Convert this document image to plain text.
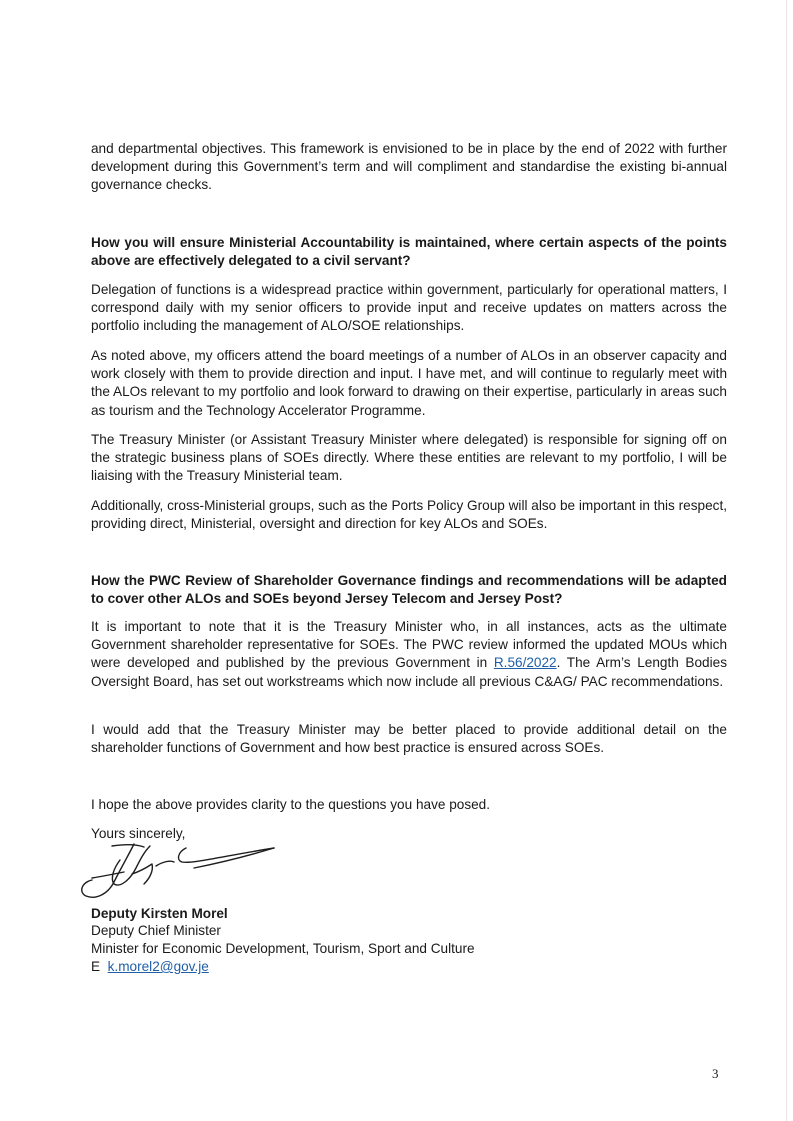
and departmental objectives. This framework is envisioned to be in place by the end of 2022 with further development during this Government’s term and will compliment and standardise the existing bi-annual governance checks.

How you will ensure Ministerial Accountability is maintained, where certain aspects of the points above are effectively delegated to a civil servant?

Delegation of functions is a widespread practice within government, particularly for operational matters, I correspond daily with my senior officers to provide input and receive updates on matters across the portfolio including the management of ALO/SOE relationships.

As noted above, my officers attend the board meetings of a number of ALOs in an observer capacity and work closely with them to provide direction and input. I have met, and will continue to regularly meet with the ALOs relevant to my portfolio and look forward to drawing on their expertise, particularly in areas such as tourism and the Technology Accelerator Programme.

The Treasury Minister (or Assistant Treasury Minister where delegated) is responsible for signing off on the strategic business plans of SOEs directly. Where these entities are relevant to my portfolio, I will be liaising with the Treasury Ministerial team.

Additionally, cross-Ministerial groups, such as the Ports Policy Group will also be important in this respect, providing direct, Ministerial, oversight and direction for key ALOs and SOEs.

How the PWC Review of Shareholder Governance findings and recommendations will be adapted to cover other ALOs and SOEs beyond Jersey Telecom and Jersey Post?

It is important to note that it is the Treasury Minister who, in all instances, acts as the ultimate Government shareholder representative for SOEs. The PWC review informed the updated MOUs which were developed and published by the previous Government in R.56/2022. The Arm’s Length Bodies Oversight Board, has set out workstreams which now include all previous C&AG/ PAC recommendations.

I would add that the Treasury Minister may be better placed to provide additional detail on the shareholder functions of Government and how best practice is ensured across SOEs.

I hope the above provides clarity to the questions you have posed.

Yours sincerely,

Deputy Kirsten Morel

Deputy Chief Minister

Minister for Economic Development, Tourism, Sport and Culture

E k.morel2@gov.je

3
